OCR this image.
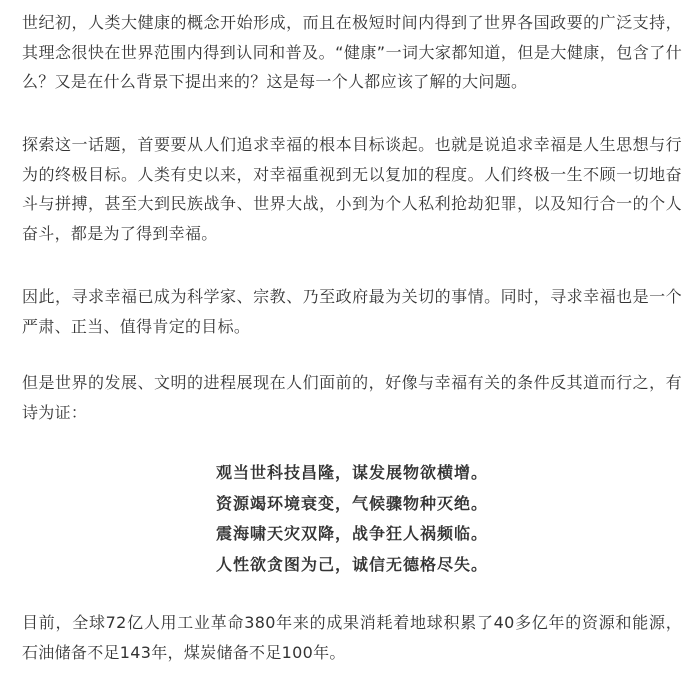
世纪初，人类大健康的概念开始形成，而且在极短时间内得到了世界各国政要的广泛支持，其理念很快在世界范围内得到认同和普及。“健康”一词大家都知道，但是大健康，包含了什么？又是在什么背景下提出来的？这是每一个人都应该了解的大问题。

探索这一话题，首要要从人们追求幸福的根本目标谈起。也就是说追求幸福是人生思想与行为的终极目标。人类有史以来，对幸福重视到无以复加的程度。人们终极一生不顾一切地奋斗与拼搏，甚至大到民族战争、世界大战，小到为个人私利抢劫犯罪，以及知行合一的个人奋斗，都是为了得到幸福。

因此，寻求幸福已成为科学家、宗教、乃至政府最为关切的事情。同时，寻求幸福也是一个严肃、正当、值得肯定的目标。

但是世界的发展、文明的进程展现在人们面前的，好像与幸福有关的条件反其道而行之，有诗为证：

观当世科技昌隆，谋发展物欲横增。
资源竭环境衰变，气候骤物种灭绝。
震海啸天灾双降，战争狂人祸频临。
人性欲贪图为己，诚信无德格尽失。

目前，全球72亿人用工业革命380年来的成果消耗着地球积累了40多亿年的资源和能源，石油储备不足143年，煤炭储备不足100年。
